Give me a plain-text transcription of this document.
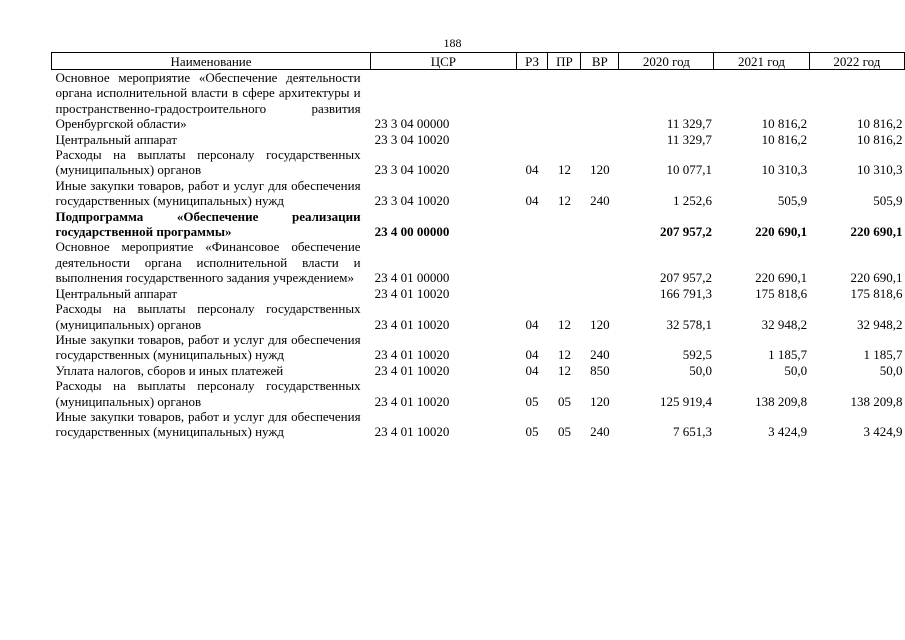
188
Наименование	ЦСР	РЗ	ПР	ВР	2020 год	2021 год	2022 год
Основное мероприятие «Обеспечение деятельности органа исполнительной власти в сфере архитектуры и пространственно-градостроительного развития Оренбургской области»	23 3 04 00000				11 329,7	10 816,2	10 816,2
Центральный аппарат	23 3 04 10020				11 329,7	10 816,2	10 816,2
Расходы на выплаты персоналу государственных (муниципальных) органов	23 3 04 10020	04	12	120	10 077,1	10 310,3	10 310,3
Иные закупки товаров, работ и услуг для обеспечения государственных (муниципальных) нужд	23 3 04 10020	04	12	240	1 252,6	505,9	505,9
Подпрограмма «Обеспечение реализации государственной программы»	23 4 00 00000				207 957,2	220 690,1	220 690,1
Основное мероприятие «Финансовое обеспечение деятельности органа исполнительной власти и выполнения государственного задания учреждением»	23 4 01 00000				207 957,2	220 690,1	220 690,1
Центральный аппарат	23 4 01 10020				166 791,3	175 818,6	175 818,6
Расходы на выплаты персоналу государственных (муниципальных) органов	23 4 01 10020	04	12	120	32 578,1	32 948,2	32 948,2
Иные закупки товаров, работ и услуг для обеспечения государственных (муниципальных) нужд	23 4 01 10020	04	12	240	592,5	1 185,7	1 185,7
Уплата налогов, сборов и иных платежей	23 4 01 10020	04	12	850	50,0	50,0	50,0
Расходы на выплаты персоналу государственных (муниципальных) органов	23 4 01 10020	05	05	120	125 919,4	138 209,8	138 209,8
Иные закупки товаров, работ и услуг для обеспечения государственных (муниципальных) нужд	23 4 01 10020	05	05	240	7 651,3	3 424,9	3 424,9
